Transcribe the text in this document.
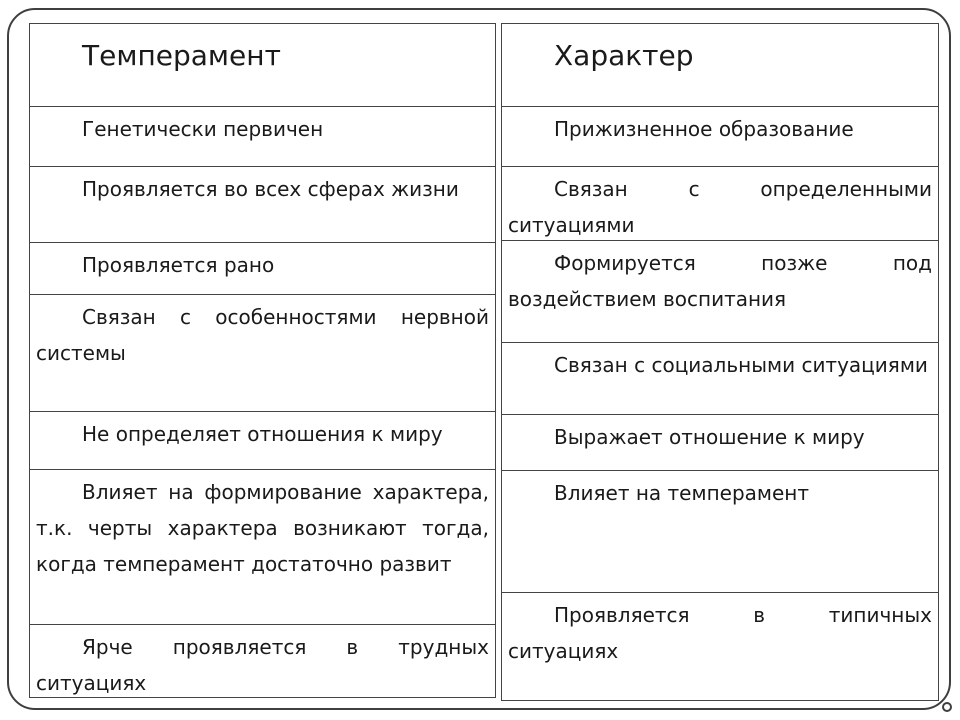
Темперамент
Генетически первичен
Проявляется во всех сферах жизни
Проявляется рано
Связан с особенностями нервной системы
Не определяет отношения к миру
Влияет на формирование характера, т.к. черты характера возникают тогда, когда темперамент достаточно развит
Ярче проявляется в трудных ситуациях
Характер
Прижизненное образование
Связан с определенными ситуациями
Формируется позже под воздействием воспитания
Связан с социальными ситуациями
Выражает отношение к миру
Влияет на темперамент
Проявляется в типичных ситуациях
